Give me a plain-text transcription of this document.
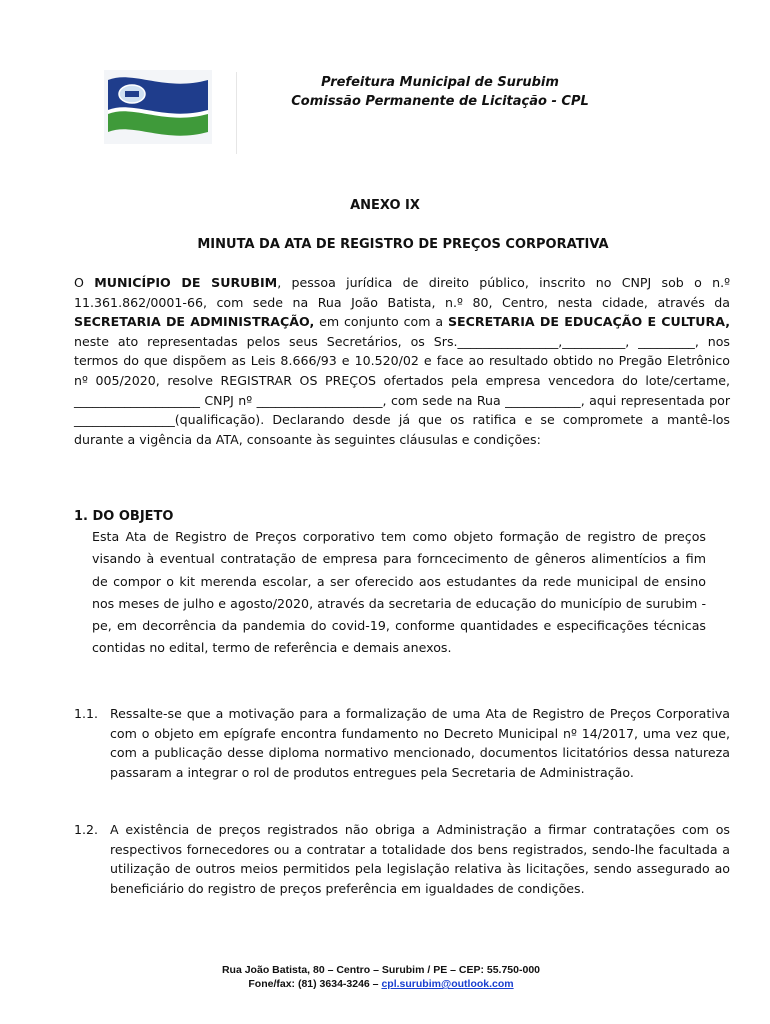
Prefeitura Municipal de Surubim
Comissão Permanente de Licitação - CPL
ANEXO IX
MINUTA DA ATA DE REGISTRO DE PREÇOS CORPORATIVA
O MUNICÍPIO DE SURUBIM, pessoa jurídica de direito público, inscrito no CNPJ sob o n.º 11.361.862/0001-66, com sede na Rua João Batista, n.º 80, Centro, nesta cidade, através da SECRETARIA DE ADMINISTRAÇÃO, em conjunto com a SECRETARIA DE EDUCAÇÃO E CULTURA, neste ato representadas pelos seus Secretários, os Srs.________________,__________, _________, nos termos do que dispõem as Leis 8.666/93 e 10.520/02 e face ao resultado obtido no Pregão Eletrônico nº 005/2020, resolve REGISTRAR OS PREÇOS ofertados pela empresa vencedora do lote/certame, ____________________ CNPJ nº ____________________, com sede na Rua ____________, aqui representada por ________________(qualificação). Declarando desde já que os ratifica e se compromete a mantê-los durante a vigência da ATA, consoante às seguintes cláusulas e condições:
1. DO OBJETO
Esta Ata de Registro de Preços corporativo tem como objeto formação de registro de preços visando à eventual contratação de empresa para forncecimento de gêneros alimentícios a fim de compor o kit merenda escolar, a ser oferecido aos estudantes da rede municipal de ensino nos meses de julho e agosto/2020, através da secretaria de educação do município de surubim - pe, em decorrência da pandemia do covid-19, conforme quantidades e especificações técnicas contidas no edital, termo de referência e demais anexos.
1.1. Ressalte-se que a motivação para a formalização de uma Ata de Registro de Preços Corporativa com o objeto em epígrafe encontra fundamento no Decreto Municipal nº 14/2017, uma vez que, com a publicação desse diploma normativo mencionado, documentos licitatórios dessa natureza passaram a integrar o rol de produtos entregues pela Secretaria de Administração.
1.2. A existência de preços registrados não obriga a Administração a firmar contratações com os respectivos fornecedores ou a contratar a totalidade dos bens registrados, sendo-lhe facultada a utilização de outros meios permitidos pela legislação relativa às licitações, sendo assegurado ao beneficiário do registro de preços preferência em igualdades de condições.
Rua João Batista, 80 – Centro – Surubim / PE – CEP: 55.750-000
Fone/fax: (81) 3634-3246 – cpl.surubim@outlook.com
